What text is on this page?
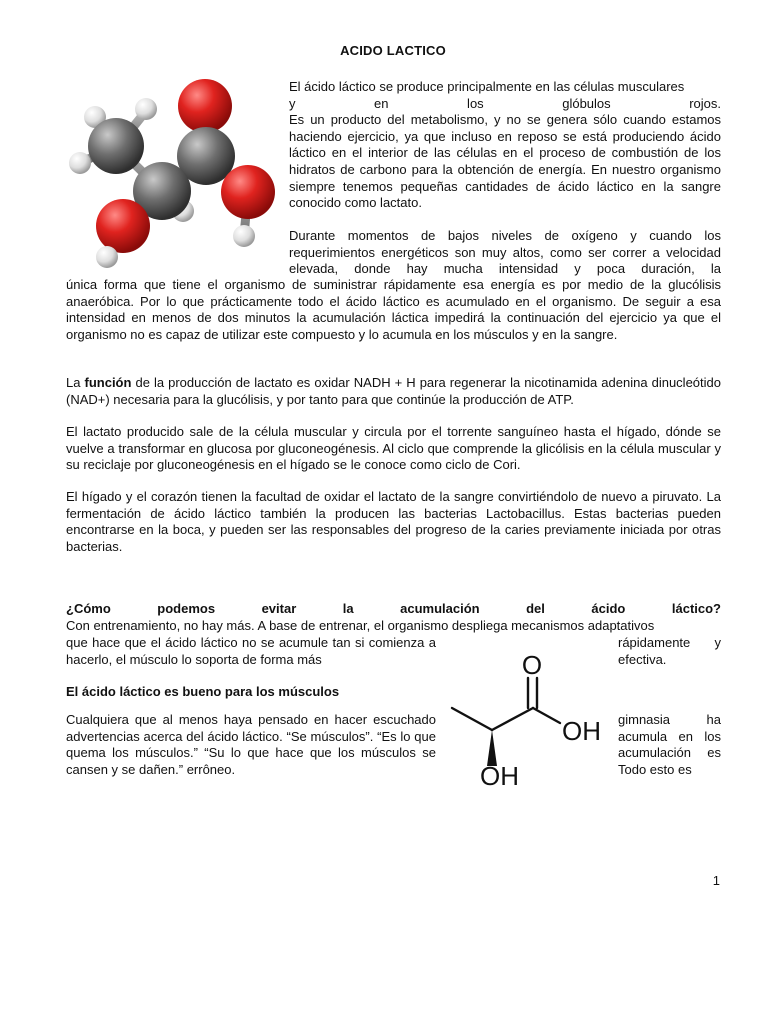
ACIDO LACTICO
El ácido láctico se produce principalmente en las células musculares
y en los glóbulos rojos.
Es un producto del metabolismo, y no se genera sólo cuando estamos haciendo ejercicio, ya que incluso en reposo se está produciendo ácido láctico en el interior de las células en el proceso de combustión de los hidratos de carbono para la obtención de energía. En nuestro organismo siempre tenemos pequeñas cantidades de ácido láctico en la sangre conocido como lactato.
Durante momentos de bajos niveles de oxígeno y cuando los requerimientos energéticos son muy altos, como ser correr a velocidad elevada, donde hay mucha intensidad y poca duración, la
única forma que tiene el organismo de suministrar rápidamente esa energía es por medio de la glucólisis anaeróbica. Por lo que prácticamente todo el ácido láctico es acumulado en el organismo. De seguir a esa intensidad en menos de dos minutos la acumulación láctica impedirá la continuación del ejercicio ya que el organismo no es capaz de utilizar este compuesto y lo acumula en los músculos y en la sangre.
La función de la producción de lactato es oxidar NADH + H para regenerar la nicotinamida adenina dinucleótido (NAD+) necesaria para la glucólisis, y por tanto para que continúe la producción de ATP.
El lactato producido sale de la célula muscular y circula por el torrente sanguíneo hasta el hígado, dónde se vuelve a transformar en glucosa por gluconeogénesis. Al ciclo que comprende la glicólisis en la célula muscular y su reciclaje por gluconeogénesis en el hígado se le conoce como ciclo de Cori.
El hígado y el corazón tienen la facultad de oxidar el lactato de la sangre convirtiéndolo de nuevo a piruvato. La fermentación de ácido láctico también la producen las bacterias Lactobacillus. Estas bacterias pueden encontrarse en la boca, y pueden ser las responsables del progreso de la caries previamente iniciada por otras bacterias.
¿Cómo podemos evitar la acumulación del ácido láctico?
Con entrenamiento, no hay más. A base de entrenar, el organismo despliega mecanismos adaptativos
que hace que el ácido láctico no se acumule tan si comienza a hacerlo, el músculo lo soporta de forma más
rápidamente y efectiva.
El ácido láctico es bueno para los músculos
Cualquiera que al menos haya pensado en hacer escuchado advertencias acerca del ácido láctico. “Se músculos”. “Es lo que quema los músculos.” “Su lo que hace que los músculos se cansen y se dañen.” errôneo.
gimnasia ha acumula en los acumulación es Todo esto es
O
OH
OH
1
